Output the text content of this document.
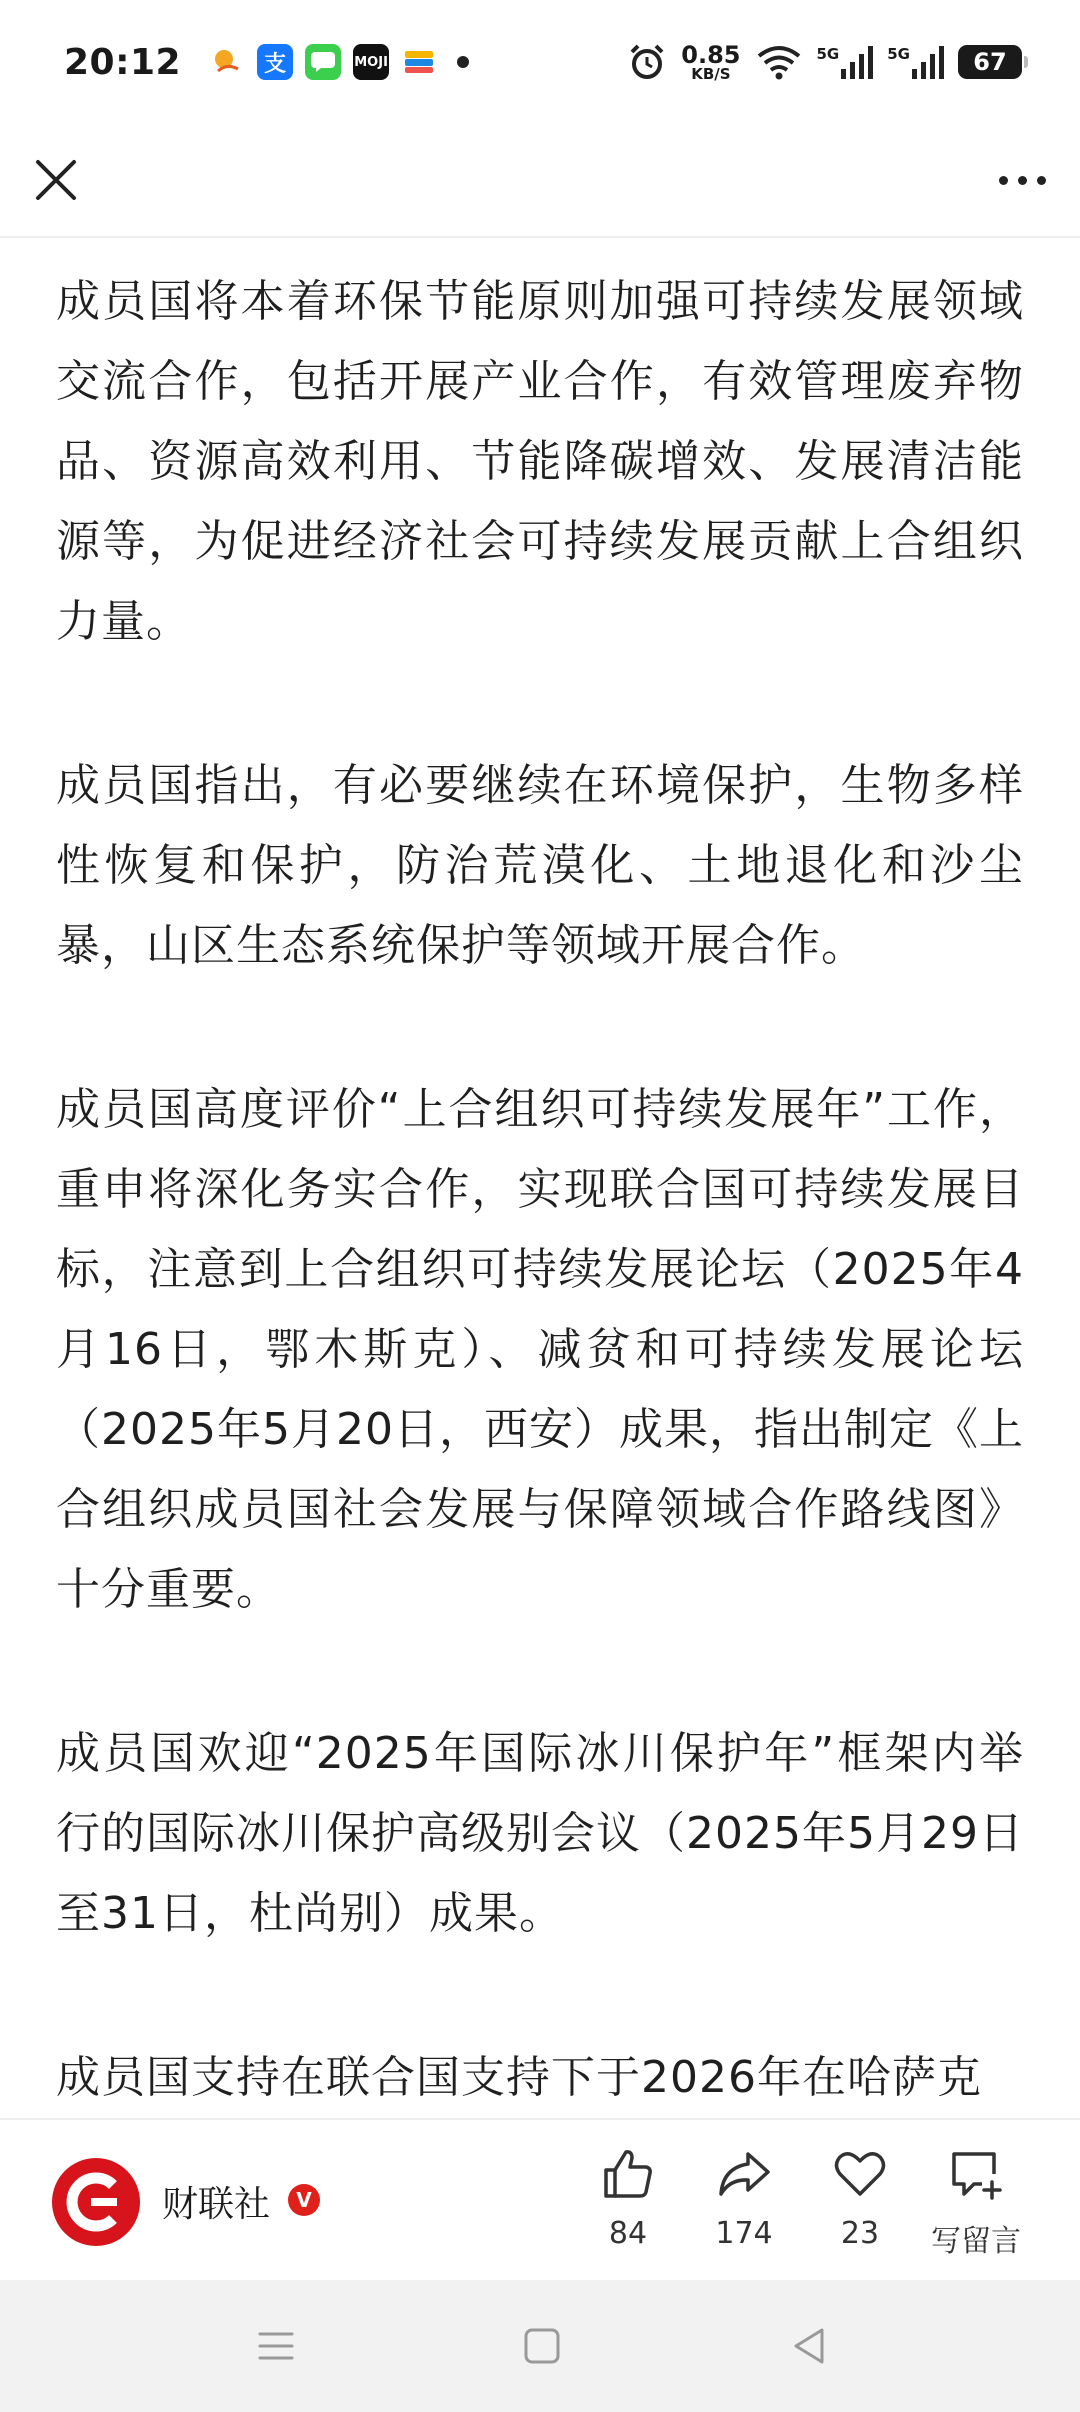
20:12	支	MOJI	0.85
KB/S
5G	5G	67

成员国将本着环保节能原则加强可持续发展领域交流合作，包括开展产业合作，有效管理废弃物品、资源高效利用、节能降碳增效、发展清洁能源等，为促进经济社会可持续发展贡献上合组织力量。

成员国指出，有必要继续在环境保护，生物多样性恢复和保护，防治荒漠化、土地退化和沙尘暴，山区生态系统保护等领域开展合作。

成员国高度评价“上合组织可持续发展年”工作，重申将深化务实合作，实现联合国可持续发展目标，注意到上合组织可持续发展论坛（2025年4月16日，鄂木斯克）、减贫和可持续发展论坛（2025年5月20日，西安）成果，指出制定《上合组织成员国社会发展与保障领域合作路线图》十分重要。

成员国欢迎“2025年国际冰川保护年”框架内举行的国际冰川保护高级别会议（2025年5月29日至31日，杜尚别）成果。

成员国支持在联合国支持下于2026年在哈萨克

财联社	V
84 174 23 写留言
